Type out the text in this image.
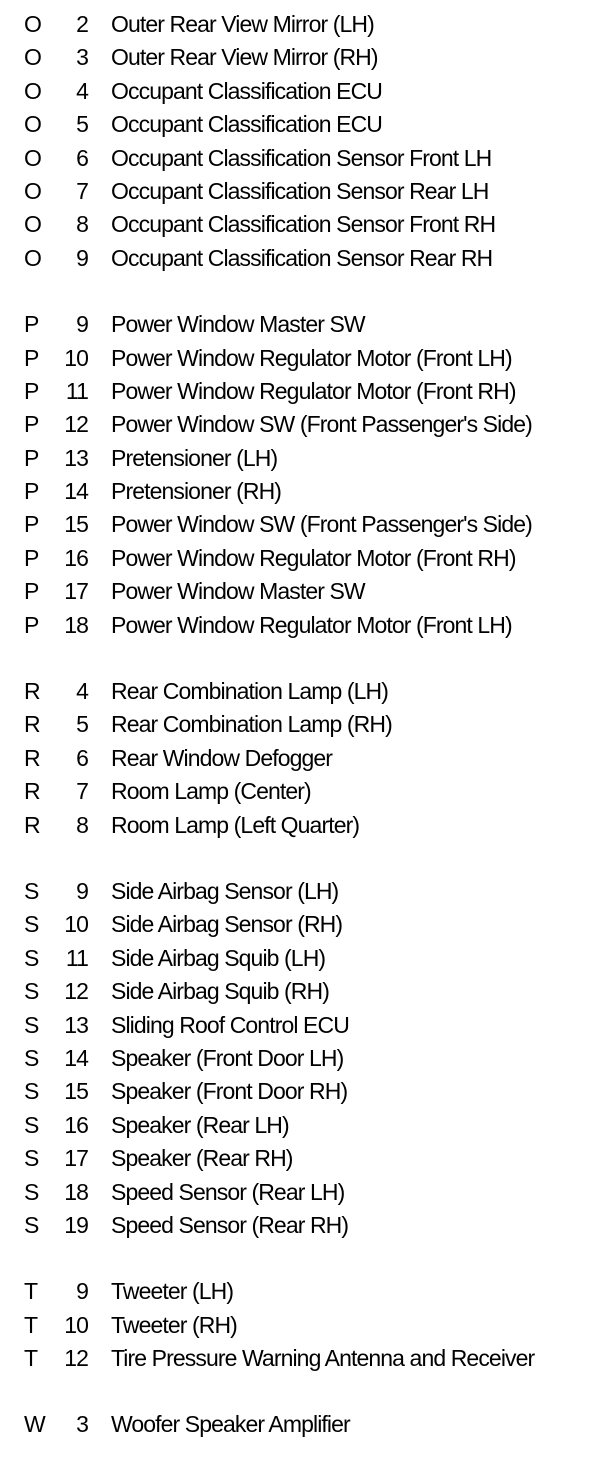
O	2 Outer Rear View Mirror (LH)
O	3 Outer Rear View Mirror (RH)
O	4 Occupant Classification ECU
O	5 Occupant Classification ECU
O	6 Occupant Classification Sensor Front LH
O	7 Occupant Classification Sensor Rear LH
O	8 Occupant Classification Sensor Front RH
O	9 Occupant Classification Sensor Rear RH
P	9 Power Window Master SW
P	10 Power Window Regulator Motor (Front LH)
P	11 Power Window Regulator Motor (Front RH)
P	12 Power Window SW (Front Passenger's Side)
P	13 Pretensioner (LH)
P	14 Pretensioner (RH)
P	15 Power Window SW (Front Passenger's Side)
P	16 Power Window Regulator Motor (Front RH)
P	17 Power Window Master SW
P	18 Power Window Regulator Motor (Front LH)
R	4 Rear Combination Lamp (LH)
R	5 Rear Combination Lamp (RH)
R	6 Rear Window Defogger
R	7 Room Lamp (Center)
R	8 Room Lamp (Left Quarter)
S	9 Side Airbag Sensor (LH)
S	10 Side Airbag Sensor (RH)
S	11 Side Airbag Squib (LH)
S	12 Side Airbag Squib (RH)
S	13 Sliding Roof Control ECU
S	14 Speaker (Front Door LH)
S	15 Speaker (Front Door RH)
S	16 Speaker (Rear LH)
S	17 Speaker (Rear RH)
S	18 Speed Sensor (Rear LH)
S	19 Speed Sensor (Rear RH)
T	9 Tweeter (LH)
T	10 Tweeter (RH)
T	12 Tire Pressure Warning Antenna and Receiver
W	3 Woofer Speaker Amplifier
